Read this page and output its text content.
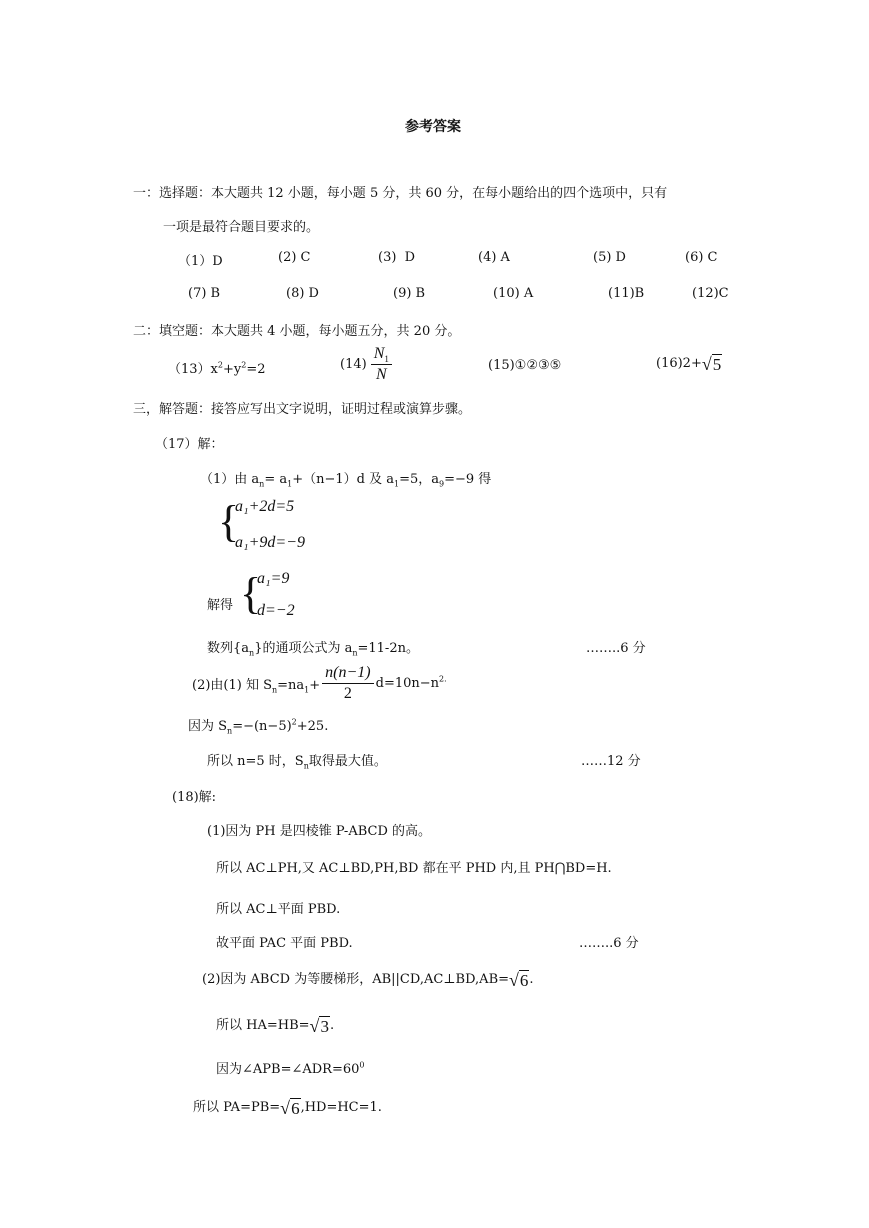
参考答案
一：选择题：本大题共 12 小题，每小题 5 分，共 60 分，在每小题给出的四个选项中，只有
一项是最符合题目要求的。
（1）D	(2) C	(3)  D	(4) A	(5) D	(6) C
(7) B	(8) D	(9) B	(10) A	(11)B	(12)C
二：填空题：本大题共 4 小题，每小题五分，共 20 分。
$(13)x^2+y^2=2$	$(14) \frac{N_1}{N}$	(15)①②③⑤	(16)2+ √ 5
三，解答题：接答应写出文字说明，证明过程或演算步骤。
（17）解：
（1）由 $a_n= a_1+(n-1)d$ 及 $a_1=5$，$a_9=-9$ 得
{
a₁+2d=5
a₁+9d=−9
解得 {
a₁=9
d=−2
数列$\{a_n\}$的通项公式为 $a_n=11-2n$。	……..6 分
(2)由(1) 知 $S_n=na_1+ \frac{n(n-1)}{2} d=10n-n^{2.}$
因为 $S_n=-(n-5)^2+25$.
所以 n=5 时，$S_n$取得最大值。	……12 分
(18)解:
(1)因为 PH 是四棱锥 P-ABCD 的高。
所以 AC⊥PH,又 AC⊥BD,PH,BD 都在平 PHD 内,且 PH⋂BD=H.
所以 AC⊥平面 PBD.
故平面 PAC 平面 PBD.	……..6 分
(2)因为 ABCD 为等腰梯形，AB||CD,AC⊥BD,AB= √ 6 .
所以 HA=HB= √ 3 .
因为$\angle APB=\angle ADR=60^0$
所以 PA=PB= √ 6 ,HD=HC=1.
